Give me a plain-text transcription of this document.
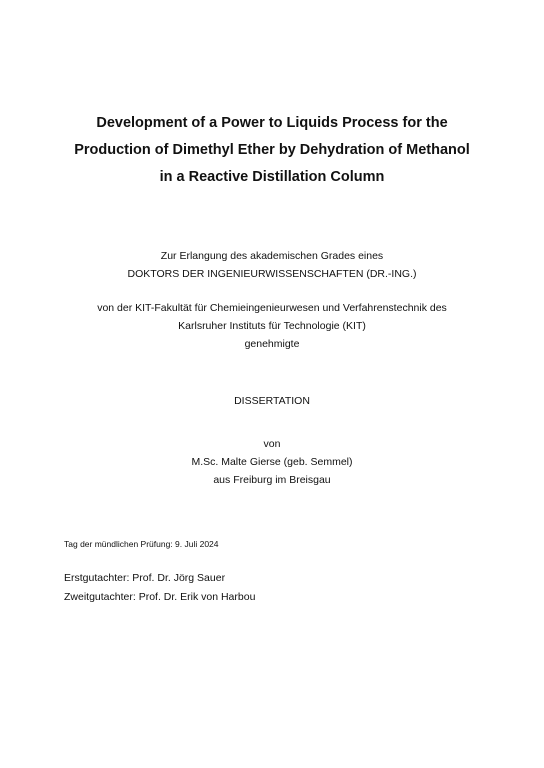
Development of a Power to Liquids Process for the
Production of Dimethyl Ether by Dehydration of Methanol
in a Reactive Distillation Column
Zur Erlangung des akademischen Grades eines
DOKTORS DER INGENIEURWISSENSCHAFTEN (DR.-ING.)
von der KIT-Fakultät für Chemieingenieurwesen und Verfahrenstechnik des
Karlsruher Instituts für Technologie (KIT)
genehmigte
DISSERTATION
von
M.Sc. Malte Gierse (geb. Semmel)
aus Freiburg im Breisgau
Tag der mündlichen Prüfung: 9. Juli 2024
Erstgutachter: Prof. Dr. Jörg Sauer
Zweitgutachter: Prof. Dr. Erik von Harbou
